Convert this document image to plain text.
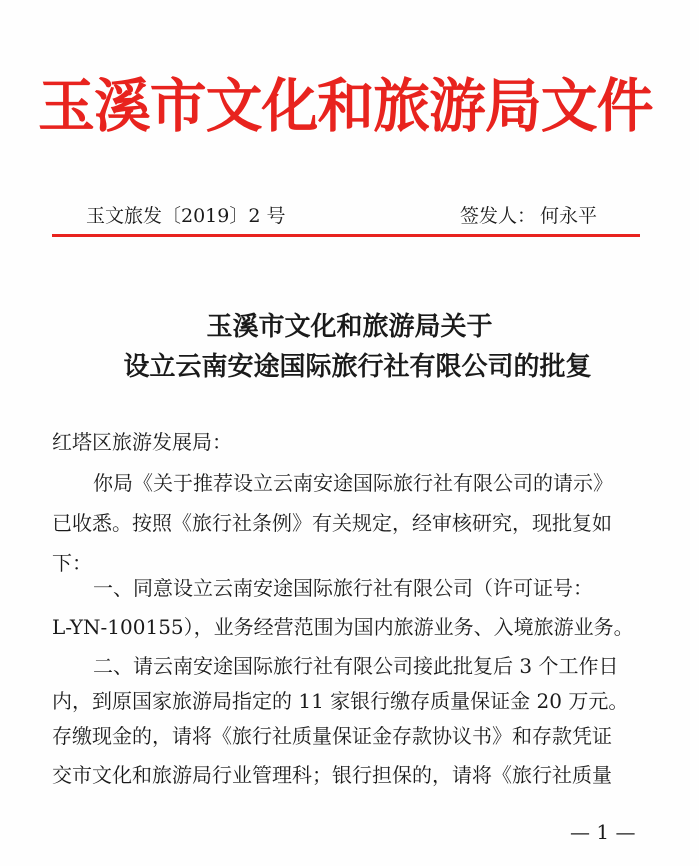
玉溪市文化和旅游局文件
玉文旅发〔2019〕2 号	签发人： 何永平
玉溪市文化和旅游局关于
设立云南安途国际旅行社有限公司的批复
红塔区旅游发展局：
你局《关于推荐设立云南安途国际旅行社有限公司的请示》
已收悉。按照《旅行社条例》有关规定，经审核研究，现批复如
下：
一、同意设立云南安途国际旅行社有限公司（许可证号：
L-YN-100155），业务经营范围为国内旅游业务、入境旅游业务。
二、请云南安途国际旅行社有限公司接此批复后 3 个工作日
内，到原国家旅游局指定的 11 家银行缴存质量保证金 20 万元。
存缴现金的，请将《旅行社质量保证金存款协议书》和存款凭证
交市文化和旅游局行业管理科；银行担保的，请将《旅行社质量
— 1 —
